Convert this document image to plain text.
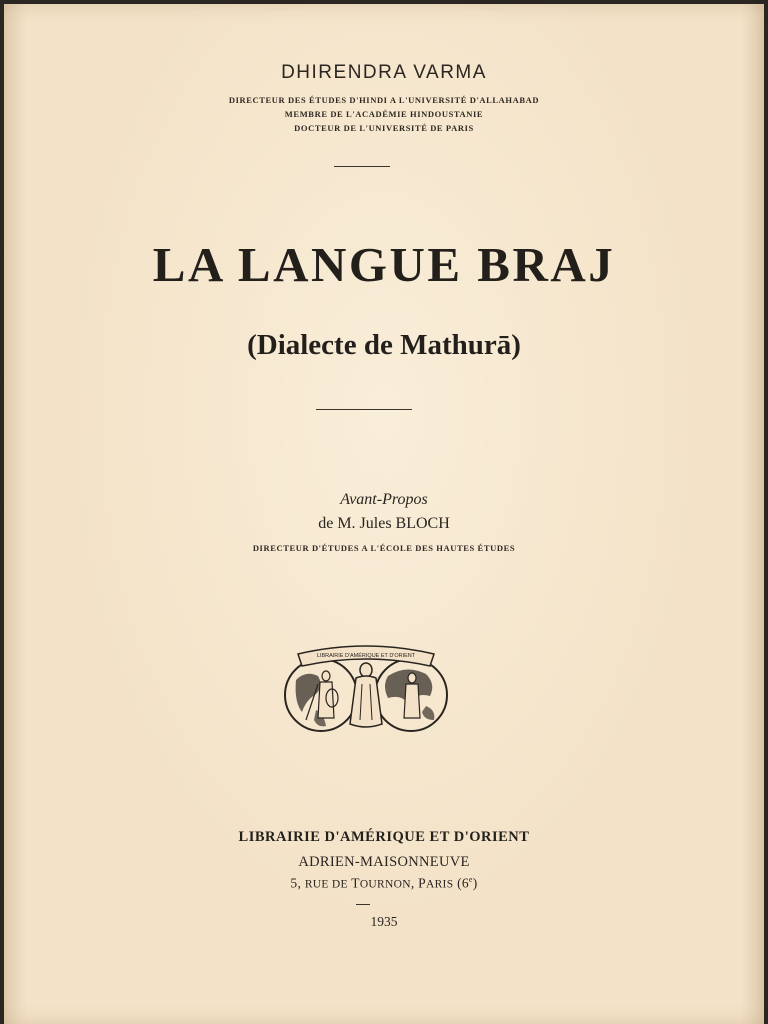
DHIRENDRA VARMA
DIRECTEUR DES ÉTUDES D'HINDI A L'UNIVERSITÉ D'ALLAHABAD
MEMBRE DE L'ACADÉMIE HINDOUSTANIE
DOCTEUR DE L'UNIVERSITÉ DE PARIS
LA LANGUE BRAJ
(Dialecte de Mathurā)
Avant-Propos
de M. Jules BLOCH
DIRECTEUR D'ÉTUDES A L'ÉCOLE DES HAUTES ÉTUDES
LIBRAIRIE D'AMÉRIQUE ET D'ORIENT
LIBRAIRIE D'AMÉRIQUE ET D'ORIENT
ADRIEN-MAISONNEUVE
5, RUE DE TOURNON, PARIS (6e)
1935
